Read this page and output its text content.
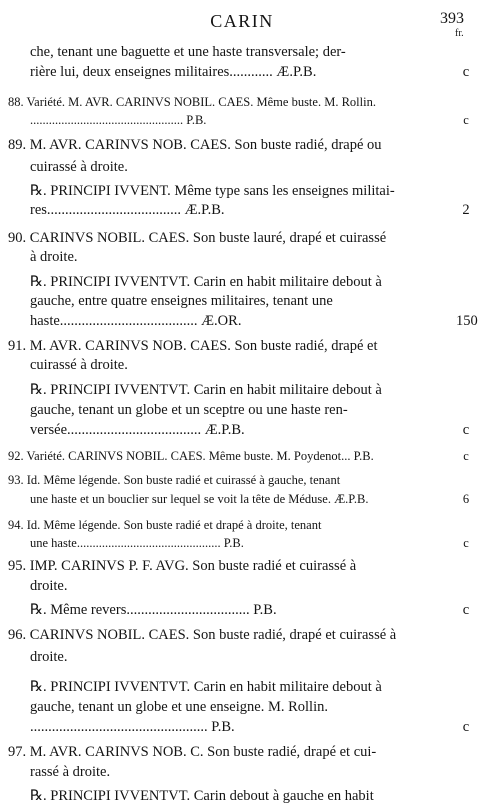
CARIN	393
fr.
che, tenant une baguette et une haste transversale; der-
rière lui, deux enseignes militaires............ Æ.P.B.	c
88. Variété. M. AVR. CARINVS NOBIL. CAES. Même buste. M. Rollin.
................................................. P.B.	c
89. M. AVR. CARINVS NOB. CAES. Son buste radié, drapé ou
cuirassé à droite.
℞. PRINCIPI IVVENT. Même type sans les enseignes militai-
res..................................... Æ.P.B.	2
90. CARINVS NOBIL. CAES. Son buste lauré, drapé et cuirassé
à droite.
℞. PRINCIPI IVVENTVT. Carin en habit militaire debout à
gauche, entre quatre enseignes militaires, tenant une
haste...................................... Æ.OR.	150
91. M. AVR. CARINVS NOB. CAES. Son buste radié, drapé et
cuirassé à droite.
℞. PRINCIPI IVVENTVT. Carin en habit militaire debout à
gauche, tenant un globe et un sceptre ou une haste ren-
versée..................................... Æ.P.B.	c
92. Variété. CARINVS NOBIL. CAES. Même buste. M. Poydenot... P.B.	c
93. Id. Même légende. Son buste radié et cuirassé à gauche, tenant
une haste et un bouclier sur lequel se voit la tête de Méduse. Æ.P.B.	6
94. Id. Même légende. Son buste radié et drapé à droite, tenant
une haste.............................................. P.B.	c
95. IMP. CARINVS P. F. AVG. Son buste radié et cuirassé à
droite.
℞. Même revers.................................. P.B.	c
96. CARINVS NOBIL. CAES. Son buste radié, drapé et cuirassé à
droite.
℞. PRINCIPI IVVENTVT. Carin en habit militaire debout à
gauche, tenant un globe et une enseigne. M. Rollin.
................................................. P.B.	c
97. M. AVR. CARINVS NOB. C. Son buste radié, drapé et cui-
rassé à droite.
℞. PRINCIPI IVVENTVT. Carin debout à gauche en habit
